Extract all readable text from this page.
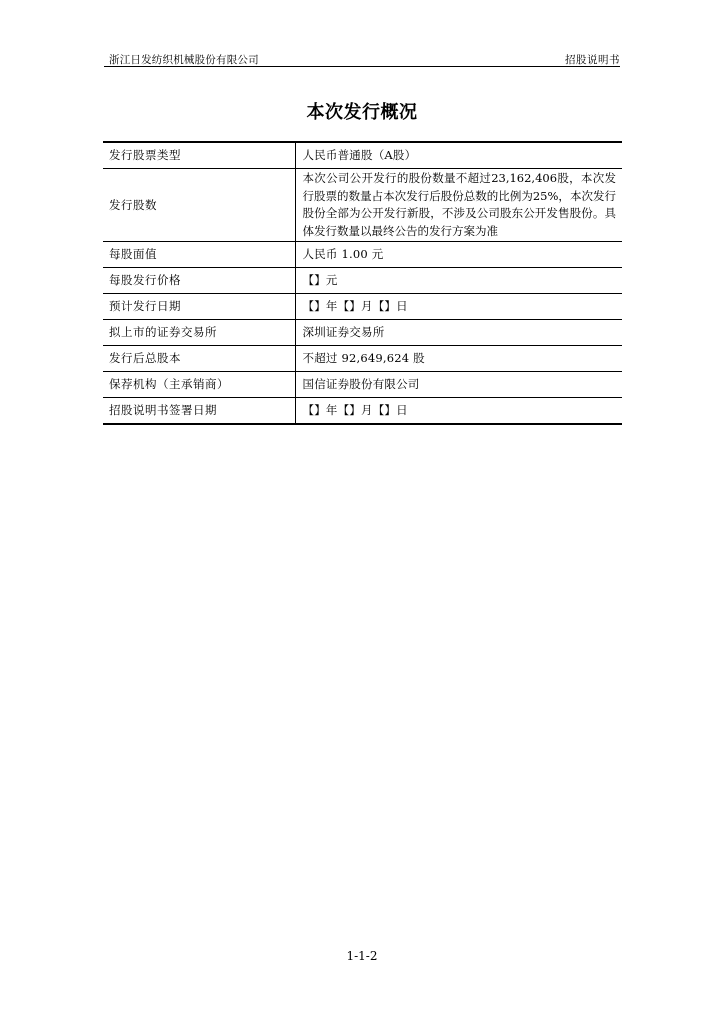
浙江日发纺织机械股份有限公司	招股说明书
本次发行概况
发行股票类型	人民币普通股（A股）
发行股数	本次公司公开发行的股份数量不超过23,162,406股，本次发行股票的数量占本次发行后股份总数的比例为25%，本次发行股份全部为公开发行新股，不涉及公司股东公开发售股份。具体发行数量以最终公告的发行方案为准
每股面值	人民币 1.00 元
每股发行价格	【】元
预计发行日期	【】年【】月【】日
拟上市的证券交易所	深圳证券交易所
发行后总股本	不超过 92,649,624 股
保荐机构（主承销商）	国信证券股份有限公司
招股说明书签署日期	【】年【】月【】日
1-1-2
